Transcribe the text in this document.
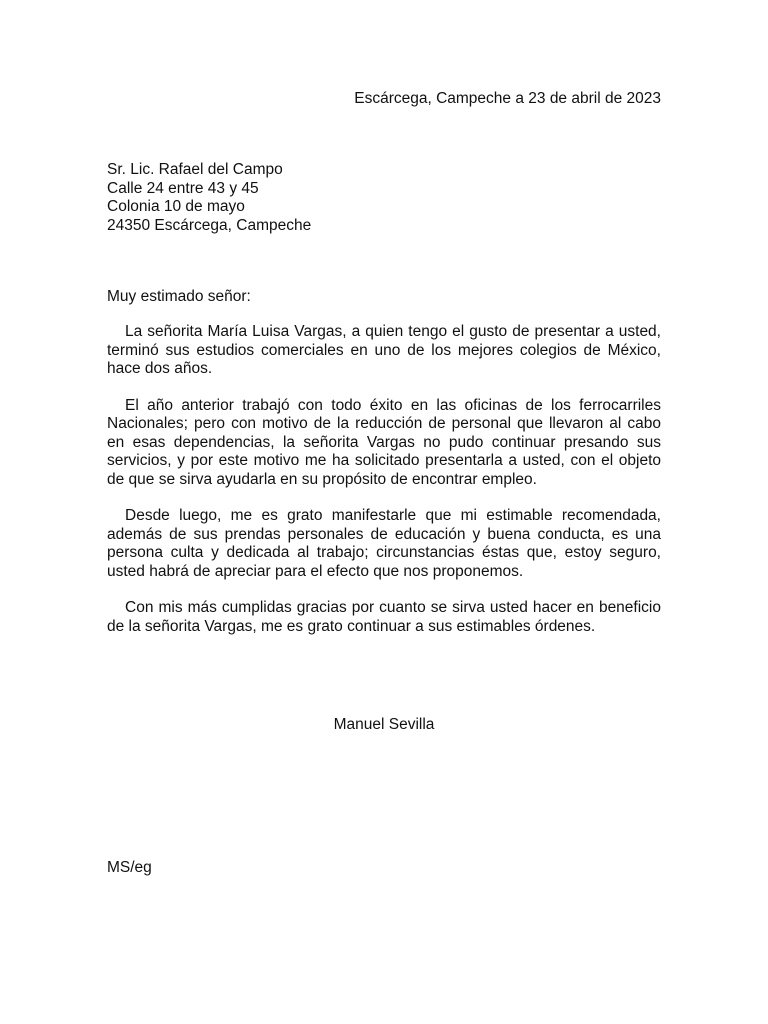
Escárcega, Campeche a 23 de abril de 2023
Sr. Lic. Rafael del Campo
Calle 24 entre 43 y 45
Colonia 10 de mayo
24350 Escárcega, Campeche
Muy estimado señor:

La señorita María Luisa Vargas, a quien tengo el gusto de presentar a usted, terminó sus estudios comerciales en uno de los mejores colegios de México, hace dos años.

El año anterior trabajó con todo éxito en las oficinas de los ferrocarriles Nacionales; pero con motivo de la reducción de personal que llevaron al cabo en esas dependencias, la señorita Vargas no pudo continuar presando sus servicios, y por este motivo me ha solicitado presentarla a usted, con el objeto de que se sirva ayudarla en su propósito de encontrar empleo.

Desde luego, me es grato manifestarle que mi estimable recomendada, además de sus prendas personales de educación y buena conducta, es una persona culta y dedicada al trabajo; circunstancias éstas que, estoy seguro, usted habrá de apreciar para el efecto que nos proponemos.

Con mis más cumplidas gracias por cuanto se sirva usted hacer en beneficio de la señorita Vargas, me es grato continuar a sus estimables órdenes.

Manuel Sevilla
MS/eg
